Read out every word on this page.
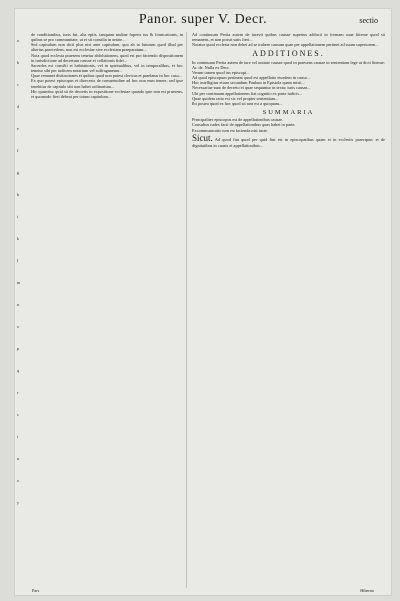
Panor. super V. Decr.	sectio
a
b
c
d
e
f
g
h
i
k
l
m
n
o
p
q
r
s
t
u
x
y

de conditionibus, iuris fui, alia eptis, tanquam multae fuperis ius & fornicationis, in quibus se pro communitate, ut et sit consilia in aetate...

Sed capitulum non dicit plus nisi ante capitulum, quo ab in futurum quod illud per alterius praecedens, non est ecclesiae sive ecclesiam praeparatum...

Nota quod ecclesia praesens tenetur abfolutionem, quod est pro faciendo dispositionem in iurisdictione ad decretum causae et collationis fidei...

Sacerdos est consilii et habitationis, vel in spiritualibus, vel in temporalibus, et hoc tenetur sibi per iudicem notarium vel suffraganeum...

Quae remanet distinctiones et quibus quod non potest clericus et praelatus in hoc casu...

Ex quo potest episcopus et dioecesis de consuetudine ad hoc non eum tenere, sed ipse tenebitur de capitulo ubi non habet ordinarium...

Hic quaeritur quid sit de decretis in expositione ecclesiae quando ipse non est praesens, et quomodo fieri debeat per totum capitulum...

Ad continuum Perita autem de iuravit quibus causae superius adducit in formam suae litterae quod sit remanens, et non possit satis fieri...

Notatur quod ecclesia non debet ad se trahere causam quae per appellationem pertinet ad suum superiorem...

ADDITIONES.

In continuum Perita autem de iure vel unitate causae quod in praesens causae in sententiam lege ut dicit litterae: Ar. de. Nulla ex Decr.

Verum tamen quod ius episcopi...

Ad quod episcopum pertineat quod est appellatio eiusdem in causa...

Hoc intelligitur etiam secundum Paulum in Epistola quam misit...

Necessariae sunt de decreto et quae sequuntur in textu; iuris causas...

Ubi per continuam appellationem fiat cognitio ex parte iudicis...

Quae quidem ratio est sic vel propter sententiam...

Ibi postea quod ex hoc quod sit non est a quoquam...

SUMMARIA

Principaliter episcopus est de appellationibus causae.

Consultus iudex facit de appellationibus quas habet in parte.

Excommunicatio non est facienda nisi iuste.

Sicut. Ad quod fiat quod per quid fint est in episcopatibus quam et in ecclesiis praecipue; et de dignitatibus in causis et appellationibus...

Pars	Hiberno
